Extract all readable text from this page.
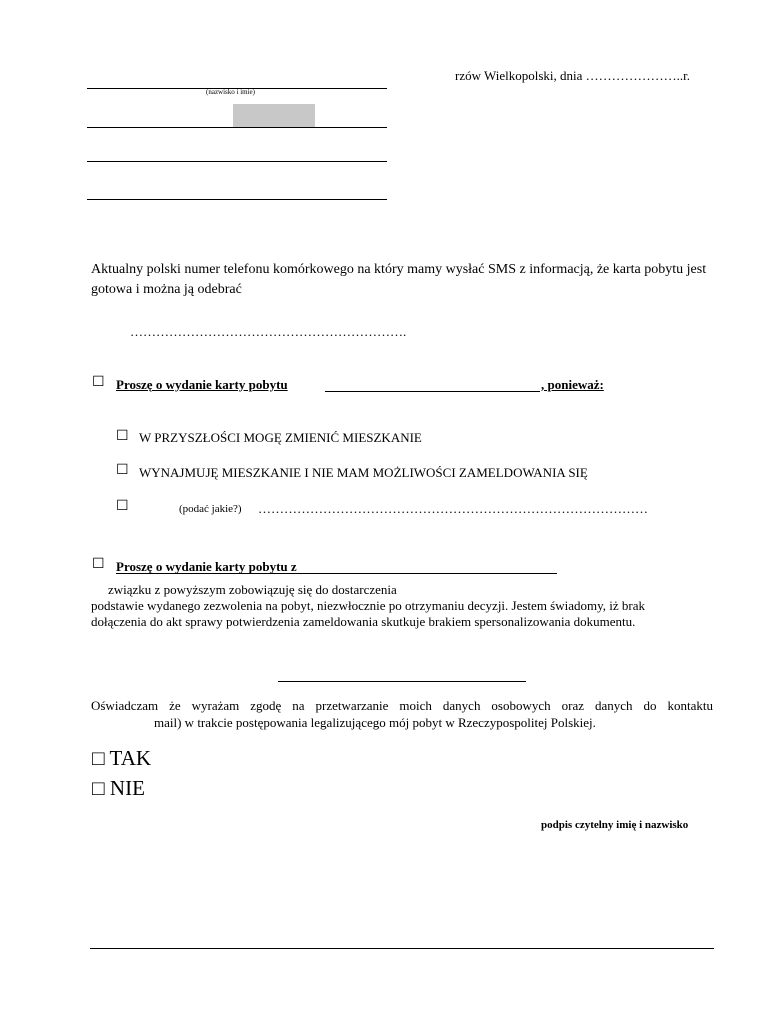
rzów Wielkopolski, dnia …………………..r.
(nazwisko i imie)
Aktualny polski numer telefonu komórkowego na który mamy wysłać SMS z informacją, że karta pobytu jest gotowa i można ją odebrać
……………………………………………………….
☐ Proszę o wydanie karty pobytu	, ponieważ:
☐ W PRZYSZŁOŚCI MOGĘ ZMIENIĆ MIESZKANIE
☐ WYNAJMUJĘ MIESZKANIE I NIE MAM MOŻLIWOŚCI ZAMELDOWANIA SIĘ
☐	(podać jakie?) ………………………………………………………………………………
☐ Proszę o wydanie karty pobytu z
związku z powyższym zobowiązuję się do dostarczenia
podstawie wydanego zezwolenia na pobyt, niezwłocznie po otrzymaniu decyzji. Jestem świadomy, iż brak
dołączenia do akt sprawy potwierdzenia zameldowania skutkuje brakiem spersonalizowania dokumentu.
Oświadczam że wyrażam zgodę na przetwarzanie moich danych osobowych oraz danych do kontaktu
mail) w trakcie postępowania legalizującego mój pobyt w Rzeczypospolitej Polskiej.
□ TAK
□ NIE
podpis czytelny imię i nazwisko
